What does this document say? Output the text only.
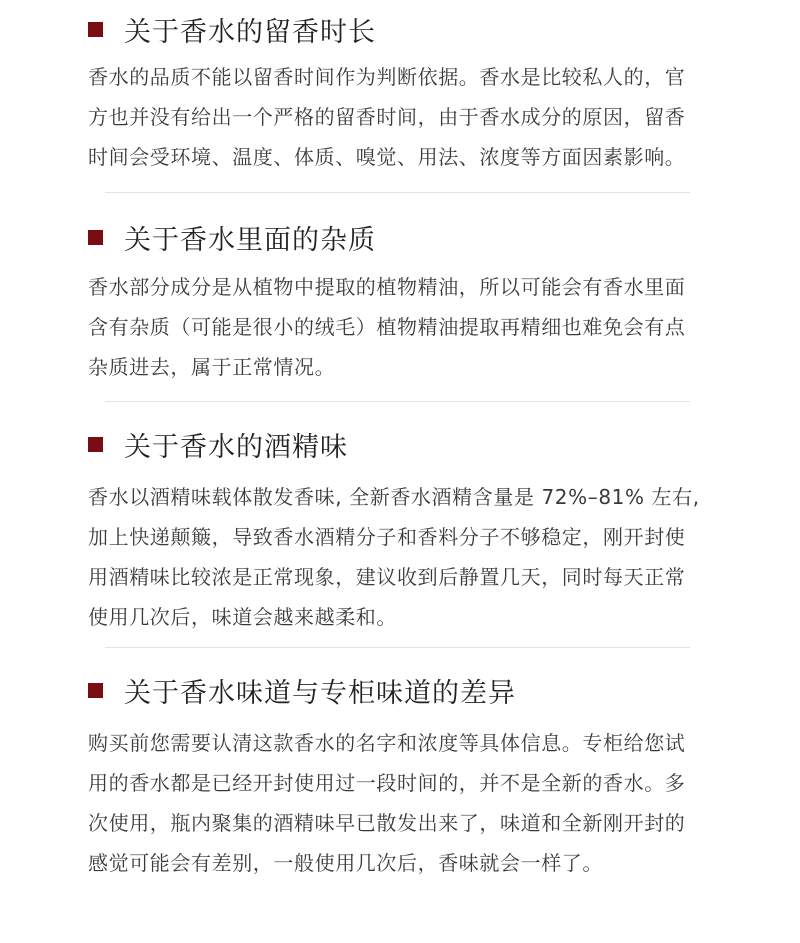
关于香水的留香时长
香水的品质不能以留香时间作为判断依据。香水是比较私人的，官
方也并没有给出一个严格的留香时间，由于香水成分的原因，留香
时间会受环境、温度、体质、嗅觉、用法、浓度等方面因素影响。
关于香水里面的杂质
香水部分成分是从植物中提取的植物精油，所以可能会有香水里面
含有杂质（可能是很小的绒毛）植物精油提取再精细也难免会有点
杂质进去，属于正常情况。
关于香水的酒精味
香水以酒精味载体散发香味, 全新香水酒精含量是 72%–81% 左右,
加上快递颠簸，导致香水酒精分子和香料分子不够稳定，刚开封使
用酒精味比较浓是正常现象，建议收到后静置几天，同时每天正常
使用几次后，味道会越来越柔和。
关于香水味道与专柜味道的差异
购买前您需要认清这款香水的名字和浓度等具体信息。专柜给您试
用的香水都是已经开封使用过一段时间的，并不是全新的香水。多
次使用，瓶内聚集的酒精味早已散发出来了，味道和全新刚开封的
感觉可能会有差别，一般使用几次后，香味就会一样了。
